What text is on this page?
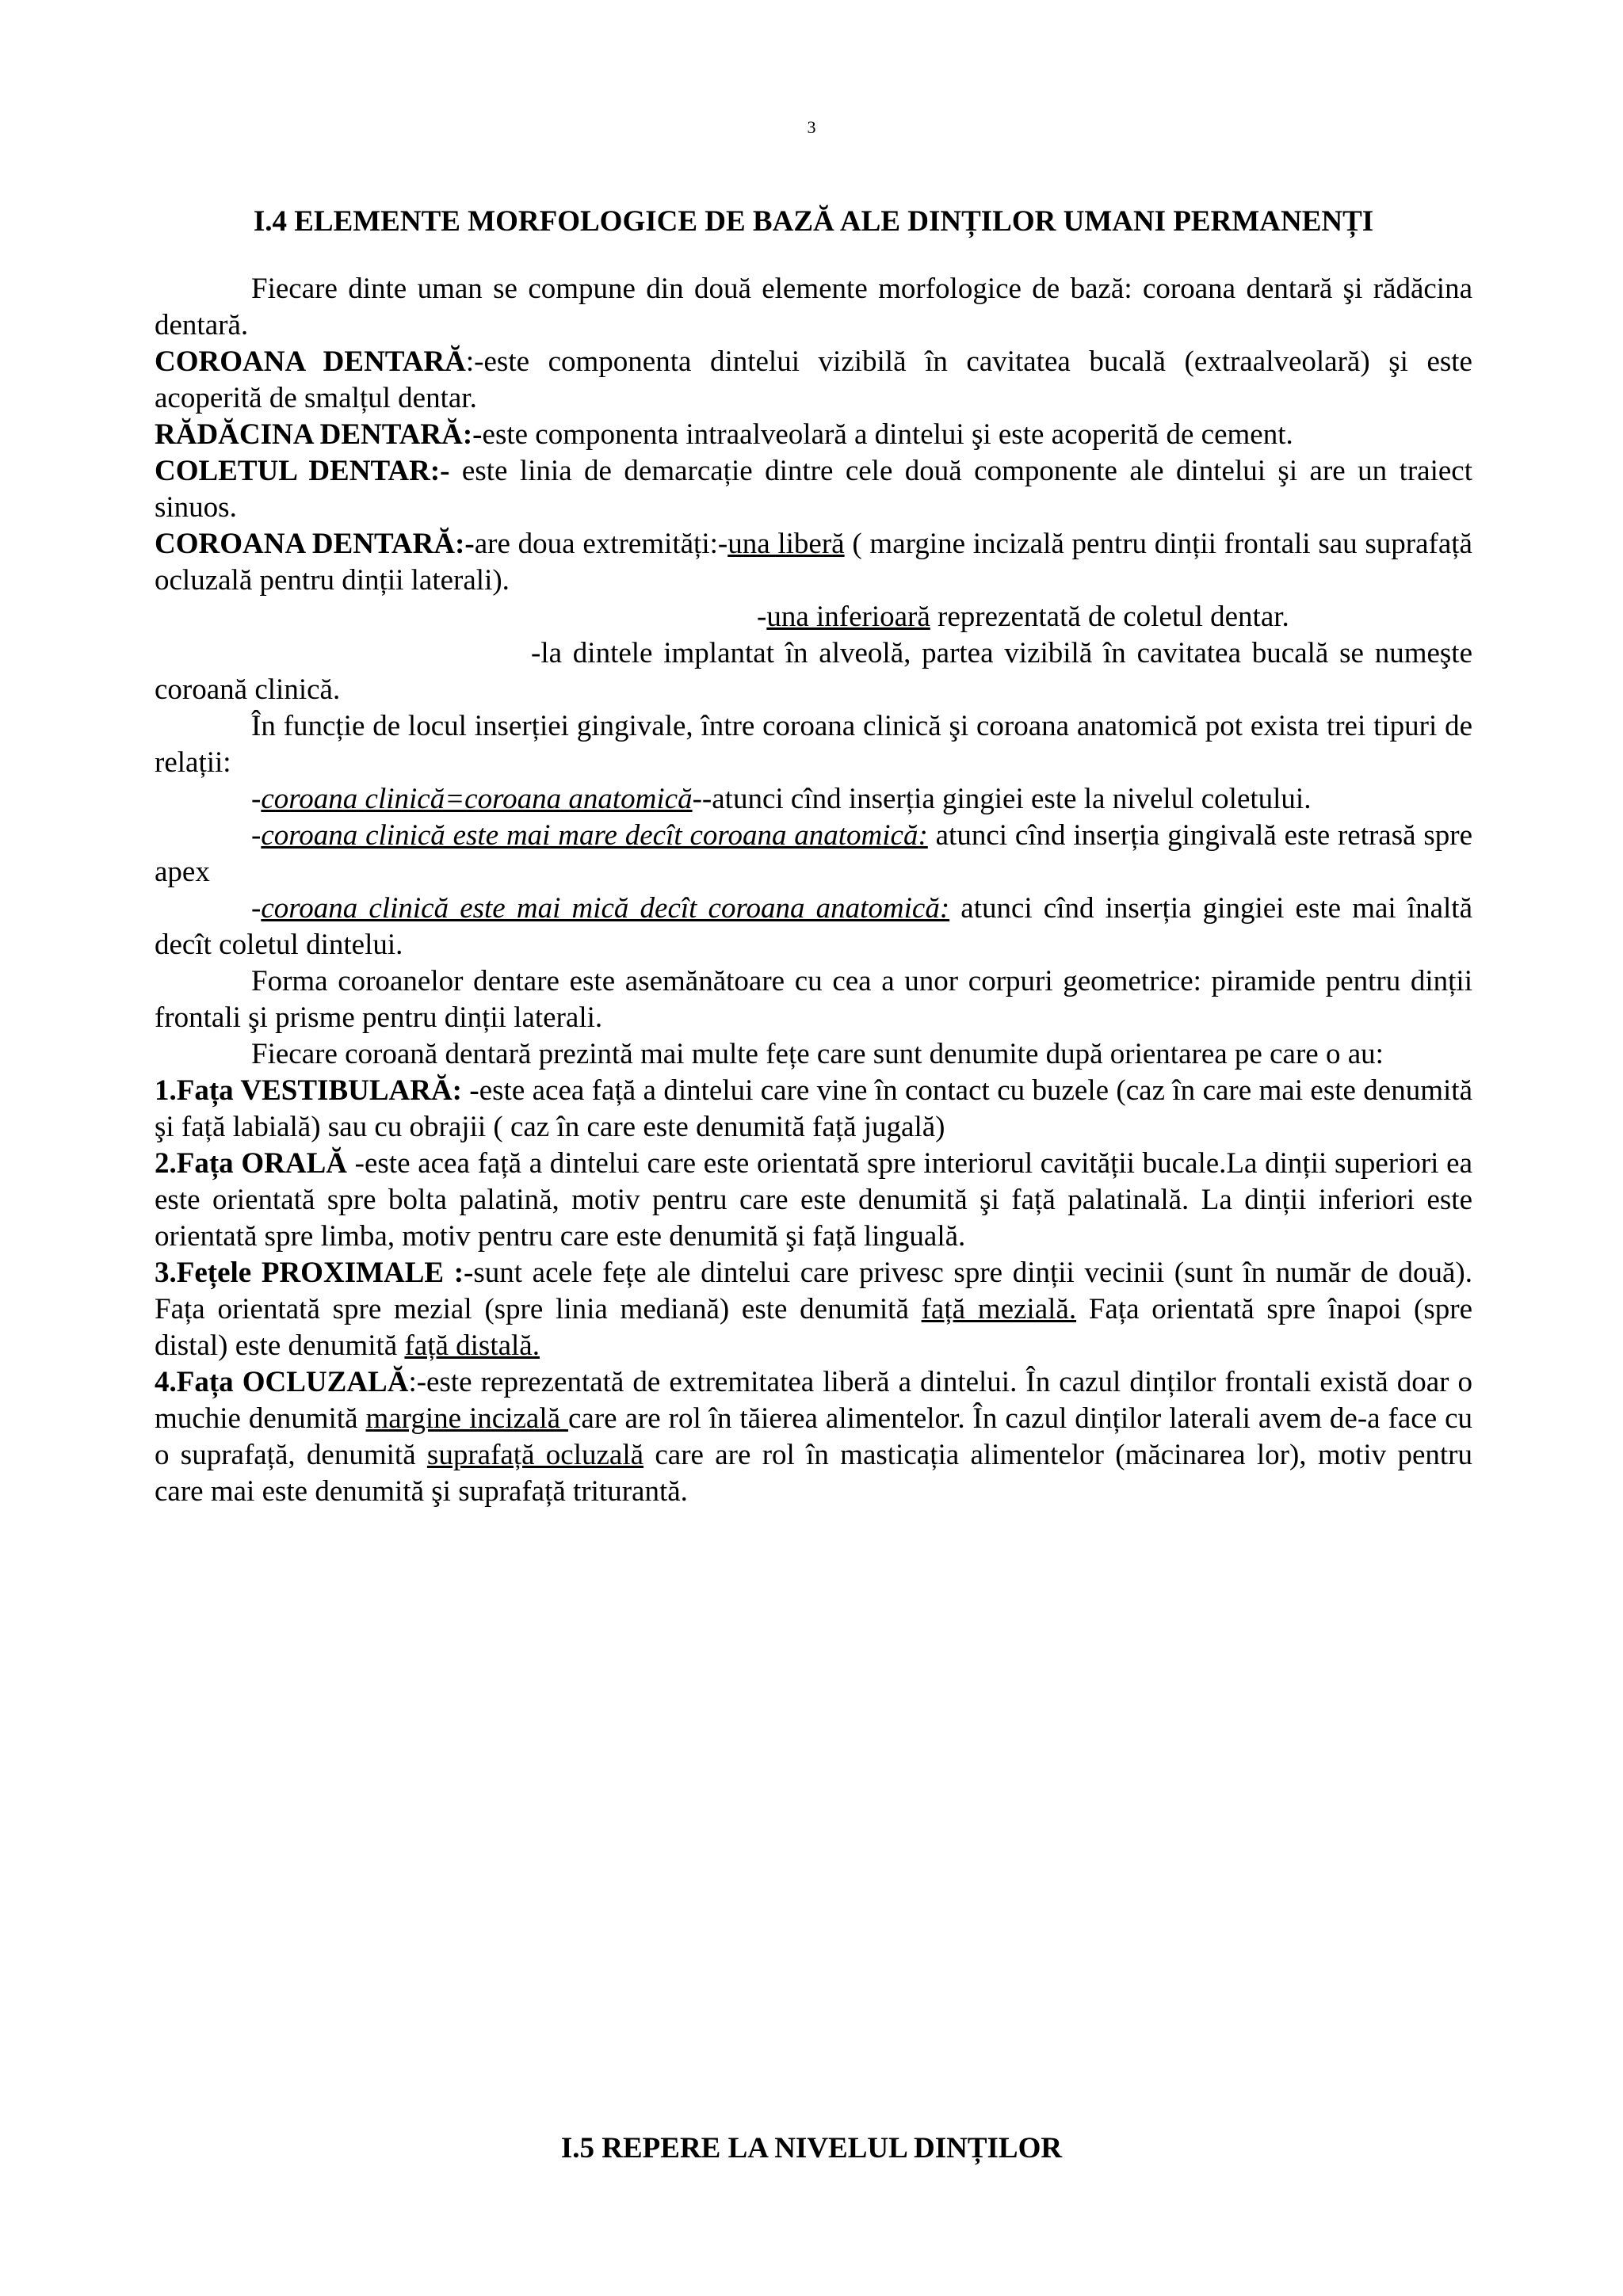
3
I.4 ELEMENTE MORFOLOGICE DE BAZĂ ALE DINȚILOR UMANI PERMANENȚI

Fiecare dinte uman se compune din două elemente morfologice de bază: coroana dentară şi rădăcina dentară.

COROANA DENTARĂ:-este componenta dintelui vizibilă în cavitatea bucală (extraalveolară) şi este acoperită de smalțul dentar.

RĂDĂCINA DENTARĂ:-este componenta intraalveolară a dintelui şi este acoperită de cement.

COLETUL DENTAR:- este linia de demarcație dintre cele două componente ale dintelui şi are un traiect sinuos.

COROANA DENTARĂ:-are doua extremități:-una liberă ( margine incizală pentru dinții frontali sau suprafață ocluzală pentru dinții laterali).

-una inferioară reprezentată de coletul dentar.

-la dintele implantat în alveolă, partea vizibilă în cavitatea bucală se numeşte coroană clinică.

În funcție de locul inserției gingivale, între coroana clinică şi coroana anatomică pot exista trei tipuri de relații:

-coroana clinică=coroana anatomică--atunci cînd inserția gingiei este la nivelul coletului.

-coroana clinică este mai mare decît coroana anatomică: atunci cînd inserția gingivală este retrasă spre apex

-coroana clinică este mai mică decît coroana anatomică: atunci cînd inserția gingiei este mai înaltă decît coletul dintelui.

Forma coroanelor dentare este asemănătoare cu cea a unor corpuri geometrice: piramide pentru dinții frontali şi prisme pentru dinții laterali.

Fiecare coroană dentară prezintă mai multe fețe care sunt denumite după orientarea pe care o au:

1.Fața VESTIBULARĂ: -este acea față a dintelui care vine în contact cu buzele (caz în care mai este denumită şi față labială) sau cu obrajii ( caz în care este denumită față jugală)

2.Fața ORALĂ -este acea față a dintelui care este orientată spre interiorul cavității bucale.La dinții superiori ea este orientată spre bolta palatină, motiv pentru care este denumită şi față palatinală. La dinții inferiori este orientată spre limba, motiv pentru care este denumită şi față linguală.

3.Fețele PROXIMALE :-sunt acele fețe ale dintelui care privesc spre dinții vecinii (sunt în număr de două). Fața orientată spre mezial (spre linia mediană) este denumită față mezială. Fața orientată spre înapoi (spre distal) este denumită față distală.

4.Fața OCLUZALĂ:-este reprezentată de extremitatea liberă a dintelui. În cazul dinților frontali există doar o muchie denumită margine incizală care are rol în tăierea alimentelor. În cazul dinților laterali avem de-a face cu o suprafață, denumită suprafață ocluzală care are rol în masticația alimentelor (măcinarea lor), motiv pentru care mai este denumită şi suprafață triturantă.

I.5 REPERE LA NIVELUL DINȚILOR
